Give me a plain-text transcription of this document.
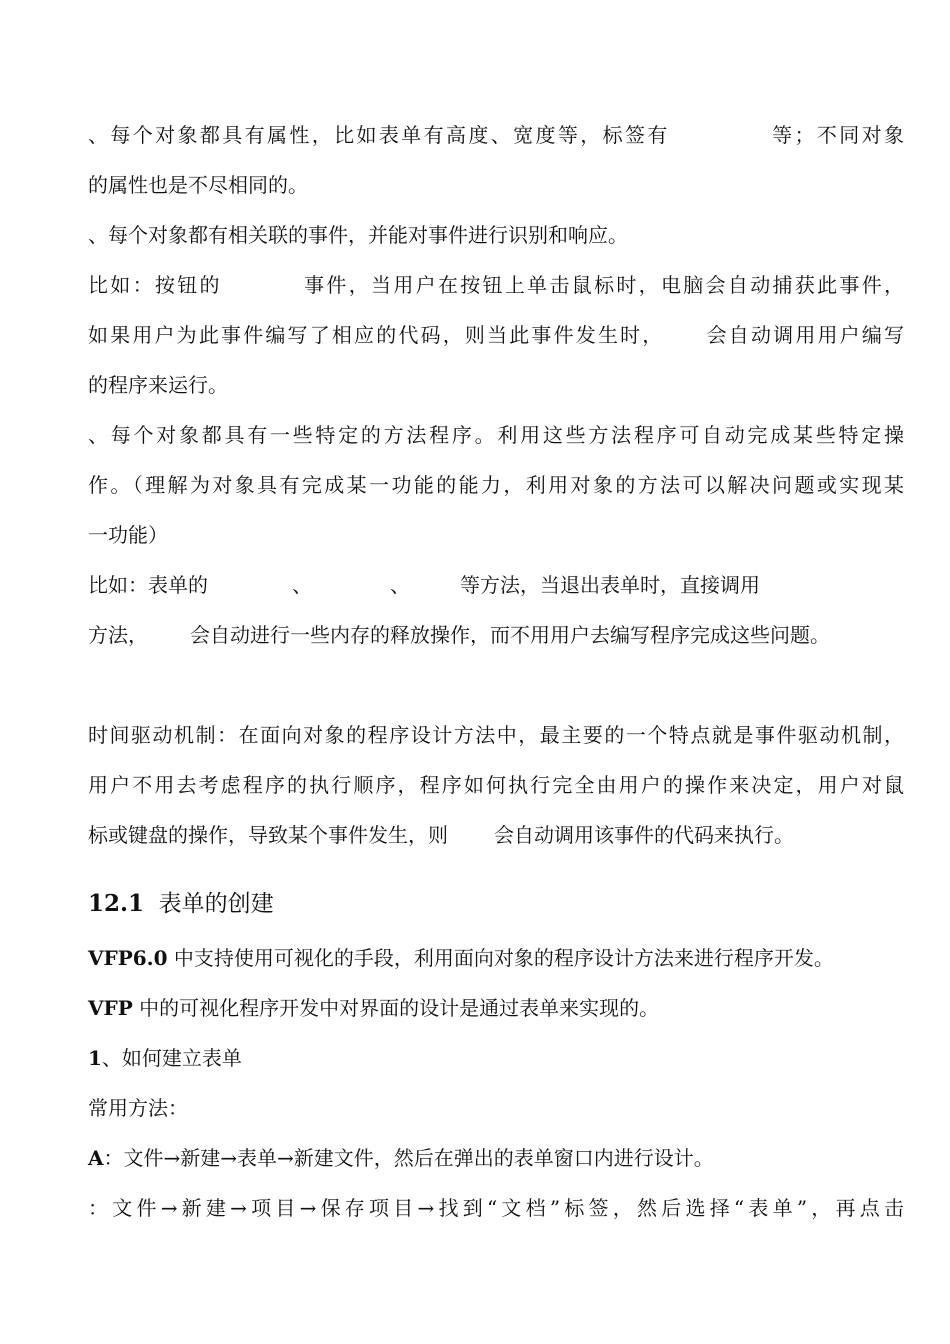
、每个对象都具有属性，比如表单有高度、宽度等，标签有	等；不同对象
的属性也是不尽相同的。
、每个对象都有相关联的事件，并能对事件进行识别和响应。
比如：按钮的	事件，当用户在按钮上单击鼠标时，电脑会自动捕获此事件，
如果用户为此事件编写了相应的代码，则当此事件发生时， 会自动调用用户编写
的程序来运行。
、每个对象都具有一些特定的方法程序。利用这些方法程序可自动完成某些特定操
作。（理解为对象具有完成某一功能的能力，利用对象的方法可以解决问题或实现某
一功能）
比如：表单的	、	、	等方法，当退出表单时，直接调用
方法， 会自动进行一些内存的释放操作，而不用用户去编写程序完成这些问题。
时间驱动机制：在面向对象的程序设计方法中，最主要的一个特点就是事件驱动机制，
用户不用去考虑程序的执行顺序，程序如何执行完全由用户的操作来决定，用户对鼠
标或键盘的操作，导致某个事件发生，则 会自动调用该事件的代码来执行。
12.1 表单的创建
VFP6.0 中支持使用可视化的手段，利用面向对象的程序设计方法来进行程序开发。
VFP 中的可视化程序开发中对界面的设计是通过表单来实现的。
1、如何建立表单
常用方法：
A：文件→新建→表单→新建文件，然后在弹出的表单窗口内进行设计。
：文件→新建→项目→保存项目→找到“文档”标签，然后选择“表单”，再点击
